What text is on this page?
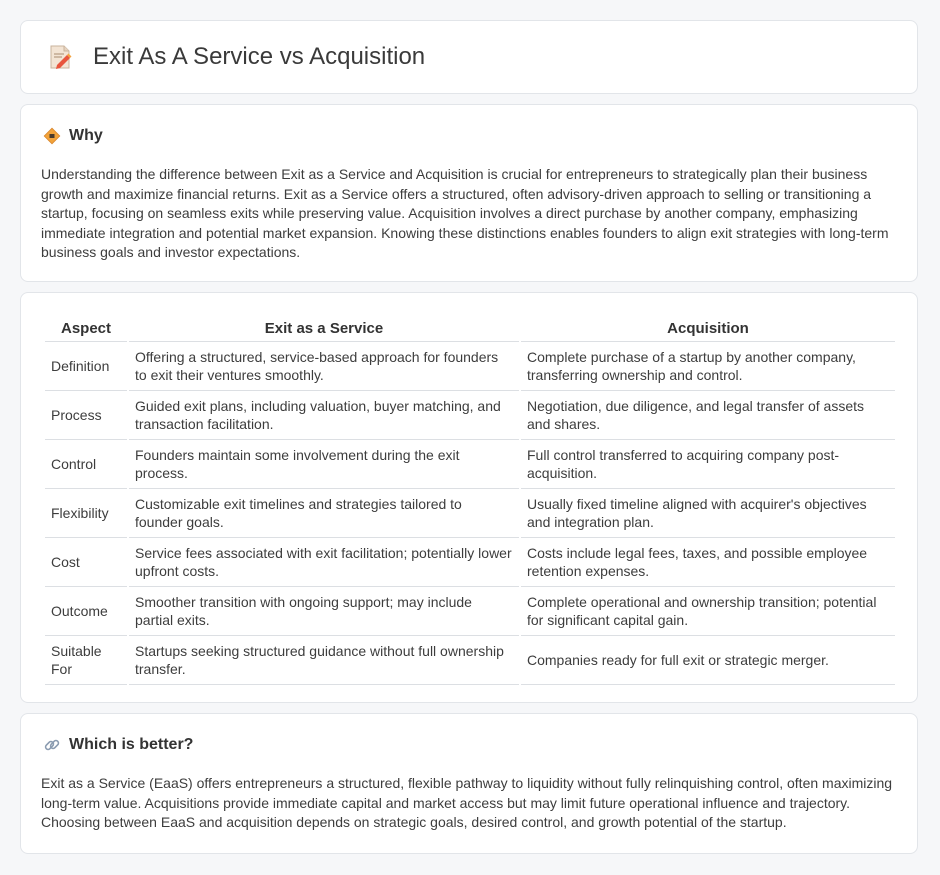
Exit As A Service vs Acquisition
Why
Understanding the difference between Exit as a Service and Acquisition is crucial for entrepreneurs to strategically plan their business growth and maximize financial returns. Exit as a Service offers a structured, often advisory-driven approach to selling or transitioning a startup, focusing on seamless exits while preserving value. Acquisition involves a direct purchase by another company, emphasizing immediate integration and potential market expansion. Knowing these distinctions enables founders to align exit strategies with long-term business goals and investor expectations.
Aspect	Exit as a Service	Acquisition
Definition	Offering a structured, service-based approach for founders to exit their ventures smoothly.	Complete purchase of a startup by another company, transferring ownership and control.
Process	Guided exit plans, including valuation, buyer matching, and transaction facilitation.	Negotiation, due diligence, and legal transfer of assets and shares.
Control	Founders maintain some involvement during the exit process.	Full control transferred to acquiring company post-acquisition.
Flexibility	Customizable exit timelines and strategies tailored to founder goals.	Usually fixed timeline aligned with acquirer's objectives and integration plan.
Cost	Service fees associated with exit facilitation; potentially lower upfront costs.	Costs include legal fees, taxes, and possible employee retention expenses.
Outcome	Smoother transition with ongoing support; may include partial exits.	Complete operational and ownership transition; potential for significant capital gain.
Suitable For	Startups seeking structured guidance without full ownership transfer.	Companies ready for full exit or strategic merger.
Which is better?
Exit as a Service (EaaS) offers entrepreneurs a structured, flexible pathway to liquidity without fully relinquishing control, often maximizing long-term value. Acquisitions provide immediate capital and market access but may limit future operational influence and trajectory. Choosing between EaaS and acquisition depends on strategic goals, desired control, and growth potential of the startup.
